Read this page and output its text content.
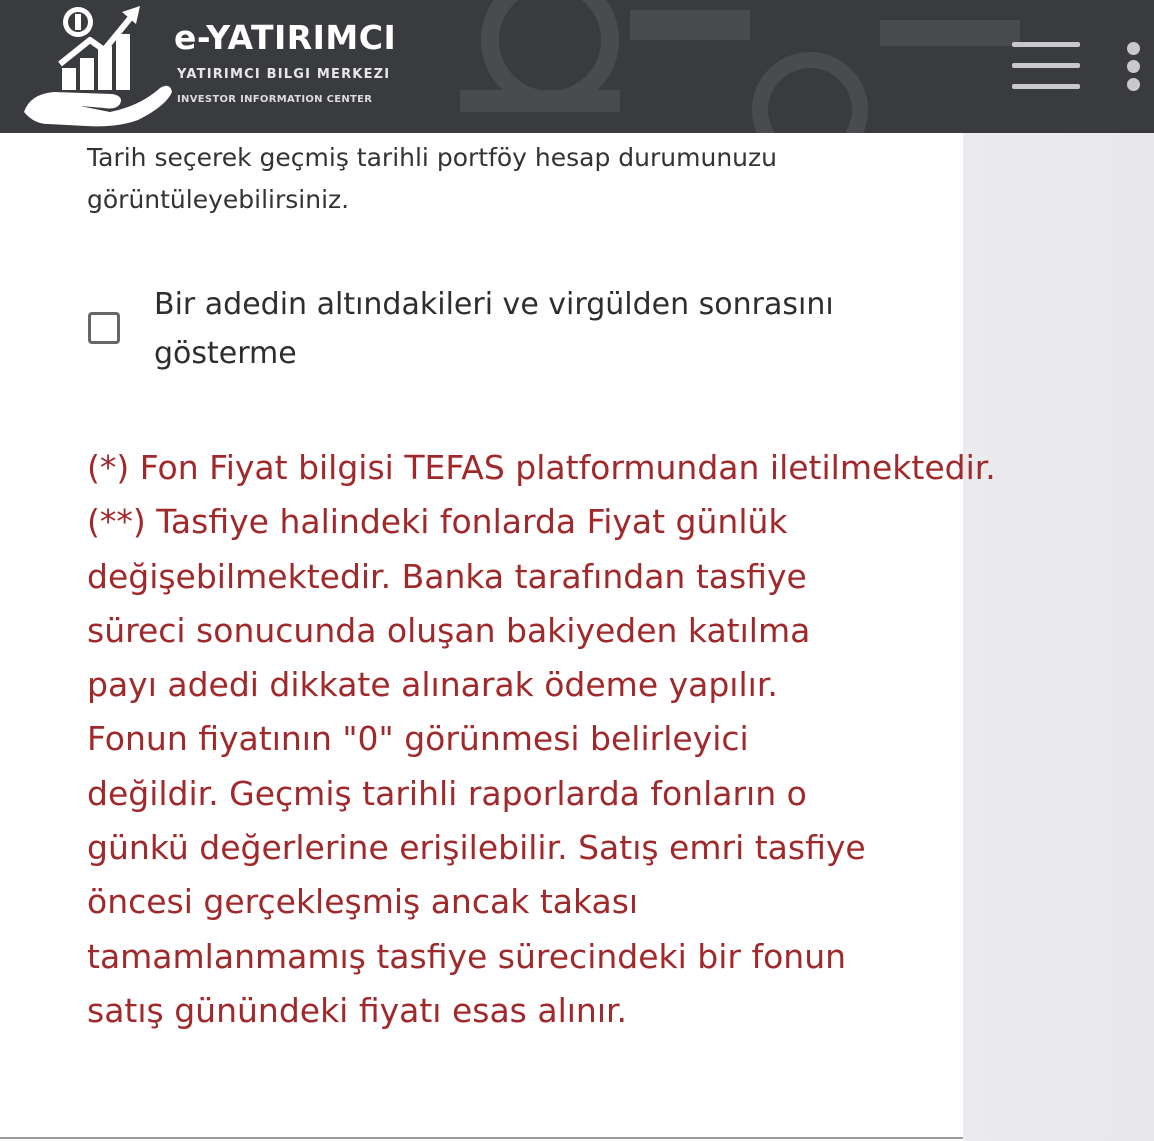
e-YATIRIMCI
YATIRIMCI BILGI MERKEZI
INVESTOR INFORMATION CENTER

Tarih seçerek geçmiş tarihli portföy hesap durumunuzu görüntüleyebilirsiniz.

Bir adedin altındakileri ve virgülden sonrasını gösterme
(*) Fon Fiyat bilgisi TEFAS platformundan iletilmektedir.
(**) Tasfiye halindeki fonlarda Fiyat günlük değişebilmektedir. Banka tarafından tasfiye süreci sonucunda oluşan bakiyeden katılma payı adedi dikkate alınarak ödeme yapılır. Fonun fiyatının "0" görünmesi belirleyici değildir. Geçmiş tarihli raporlarda fonların o günkü değerlerine erişilebilir. Satış emri tasfiye öncesi gerçekleşmiş ancak takası tamamlanmamış tasfiye sürecindeki bir fonun satış günündeki fiyatı esas alınır.
